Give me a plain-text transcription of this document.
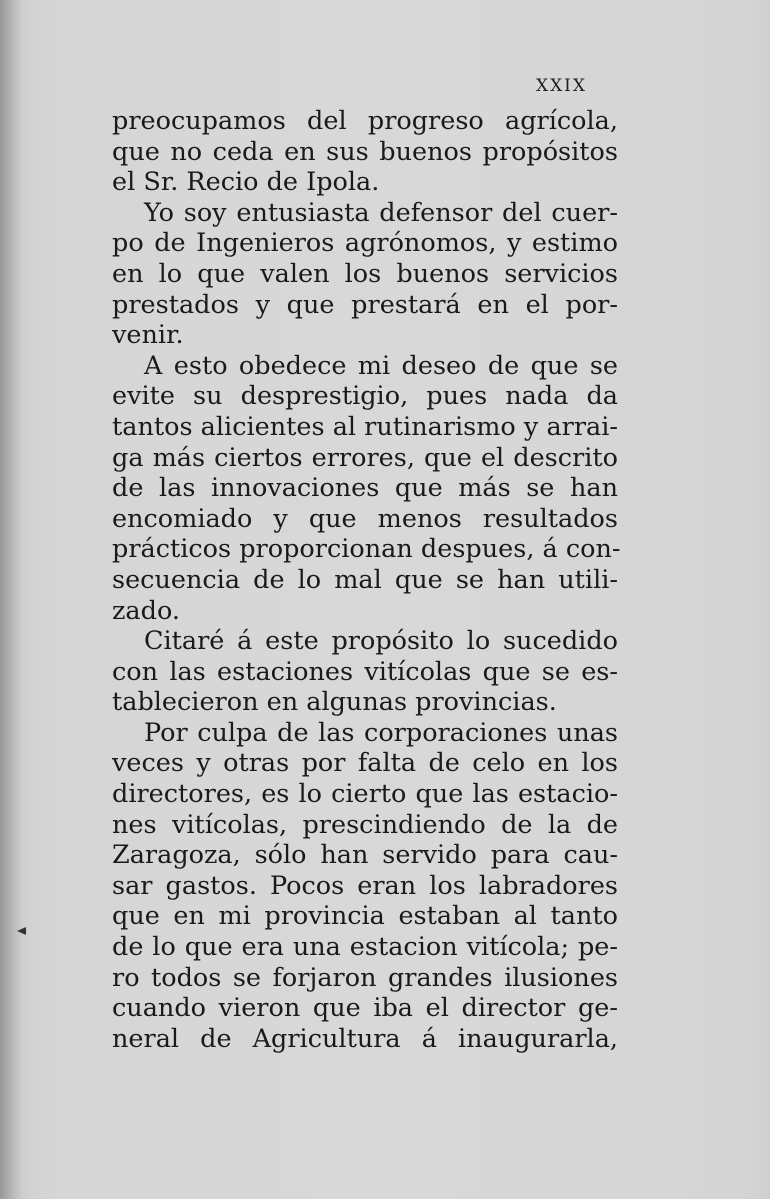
XXIX
preocupamos del progreso agrícola,
que no ceda en sus buenos propósitos
el Sr. Recio de Ipola.
Yo soy entusiasta defensor del cuer-
po de Ingenieros agrónomos, y estimo
en lo que valen los buenos servicios
prestados y que prestará en el por-
venir.
A esto obedece mi deseo de que se
evite su desprestigio, pues nada da
tantos alicientes al rutinarismo y arrai-
ga más ciertos errores, que el descrito
de las innovaciones que más se han
encomiado y que menos resultados
prácticos proporcionan despues, á con-
secuencia de lo mal que se han utili-
zado.
Citaré á este propósito lo sucedido
con las estaciones vitícolas que se es-
tablecieron en algunas provincias.
Por culpa de las corporaciones unas
veces y otras por falta de celo en los
directores, es lo cierto que las estacio-
nes vitícolas, prescindiendo de la de
Zaragoza, sólo han servido para cau-
sar gastos. Pocos eran los labradores
que en mi provincia estaban al tanto
de lo que era una estacion vitícola; pe-
ro todos se forjaron grandes ilusiones
cuando vieron que iba el director ge-
neral de Agricultura á inaugurarla,
